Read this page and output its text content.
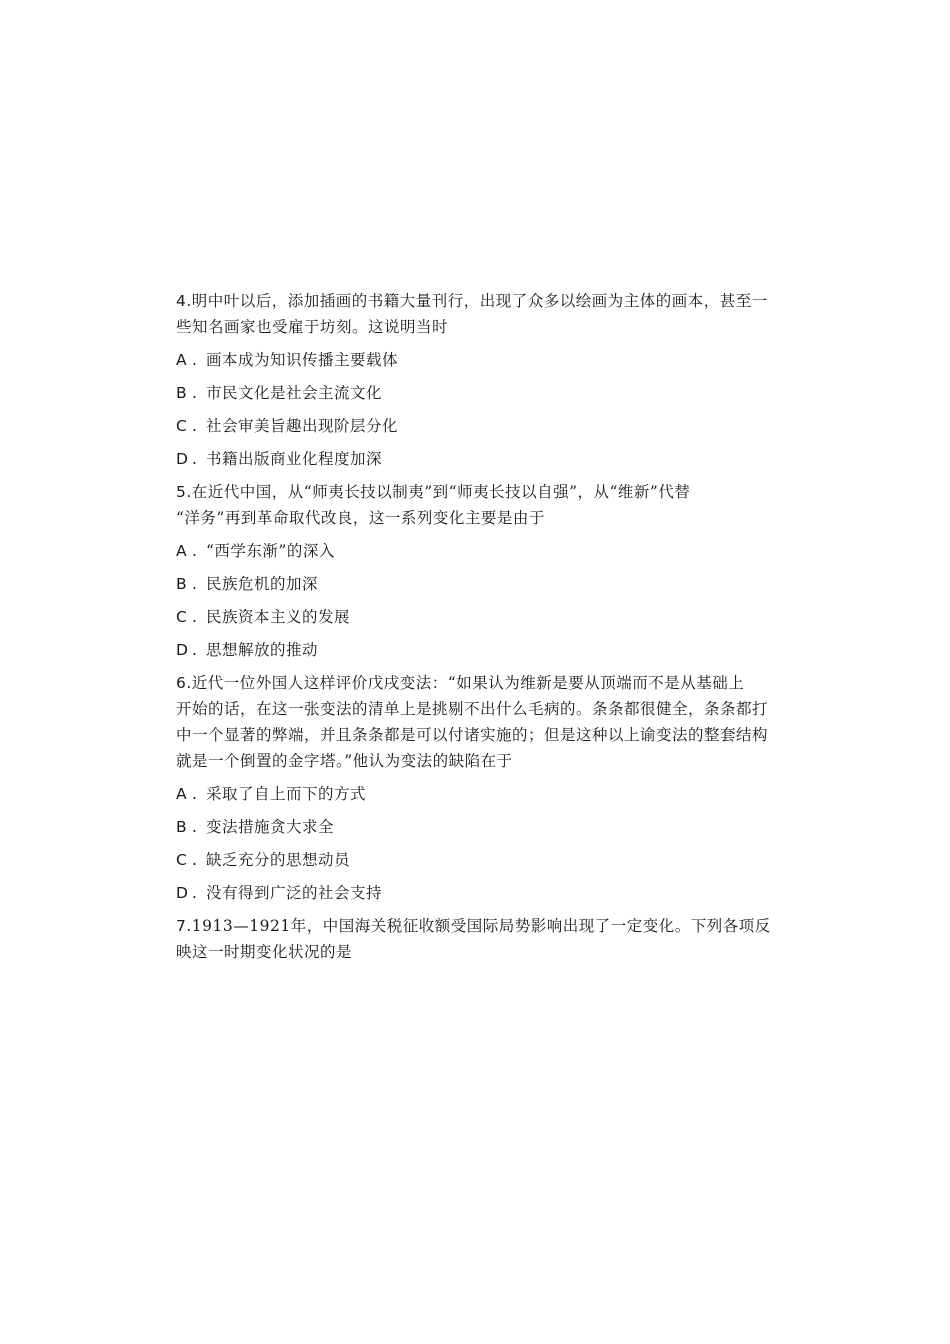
4.明中叶以后，添加插画的书籍大量刊行，出现了众多以绘画为主体的画本，甚至一
些知名画家也受雇于坊刻。这说明当时
A . 画本成为知识传播主要载体
B . 市民文化是社会主流文化
C . 社会审美旨趣出现阶层分化
D . 书籍出版商业化程度加深
5.在近代中国，从“师夷长技以制夷”到“师夷长技以自强”，从“维新”代替
“洋务”再到革命取代改良，这一系列变化主要是由于
A . “西学东渐”的深入
B . 民族危机的加深
C . 民族资本主义的发展
D . 思想解放的推动
6.近代一位外国人这样评价戊戌变法：“如果认为维新是要从顶端而不是从基础上
开始的话，在这一张变法的清单上是挑剔不出什么毛病的。条条都很健全，条条都打
中一个显著的弊端，并且条条都是可以付诸实施的；但是这种以上谕变法的整套结构
就是一个倒置的金字塔。”他认为变法的缺陷在于
A . 采取了自上而下的方式
B . 变法措施贪大求全
C . 缺乏充分的思想动员
D . 没有得到广泛的社会支持
7.1913—1921年，中国海关税征收额受国际局势影响出现了一定变化。下列各项反
映这一时期变化状况的是
